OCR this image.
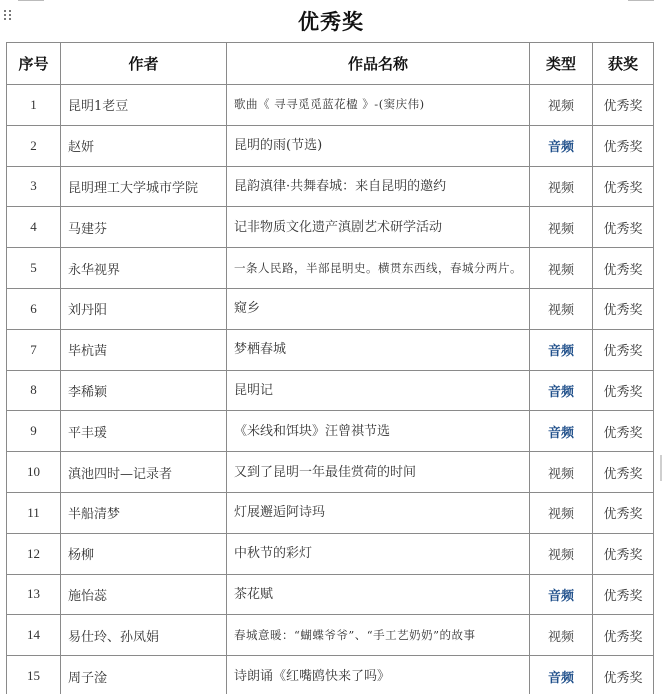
优秀奖
序号	作者	作品名称	类型	获奖
1	昆明1老豆	歌曲《 寻寻觅觅蓝花楹 》-(窦庆伟)	视频	优秀奖
2	赵妍	昆明的雨(节选)	音频	优秀奖
3	昆明理工大学城市学院	昆韵滇律·共舞春城：来自昆明的邀约	视频	优秀奖
4	马建芬	记非物质文化遗产滇剧艺术研学活动	视频	优秀奖
5	永华视界	一条人民路，半部昆明史。横贯东西线，春城分两片。	视频	优秀奖
6	刘丹阳	窥乡	视频	优秀奖
7	毕杭茜	梦栖春城	音频	优秀奖
8	李稀颖	昆明记	音频	优秀奖
9	平丰瑗	《米线和饵块》汪曾祺节选	音频	优秀奖
10	滇池四时—记录者	又到了昆明一年最佳赏荷的时间	视频	优秀奖
11	半船清梦	灯展邂逅阿诗玛	视频	优秀奖
12	杨柳	中秋节的彩灯	视频	优秀奖
13	施怡蕊	茶花赋	音频	优秀奖
14	易仕玲、孙凤娟	春城意暖：“蝴蝶爷爷”、“手工艺奶奶”的故事	视频	优秀奖
15	周子淦	诗朗诵《红嘴鸥快来了吗》	音频	优秀奖
